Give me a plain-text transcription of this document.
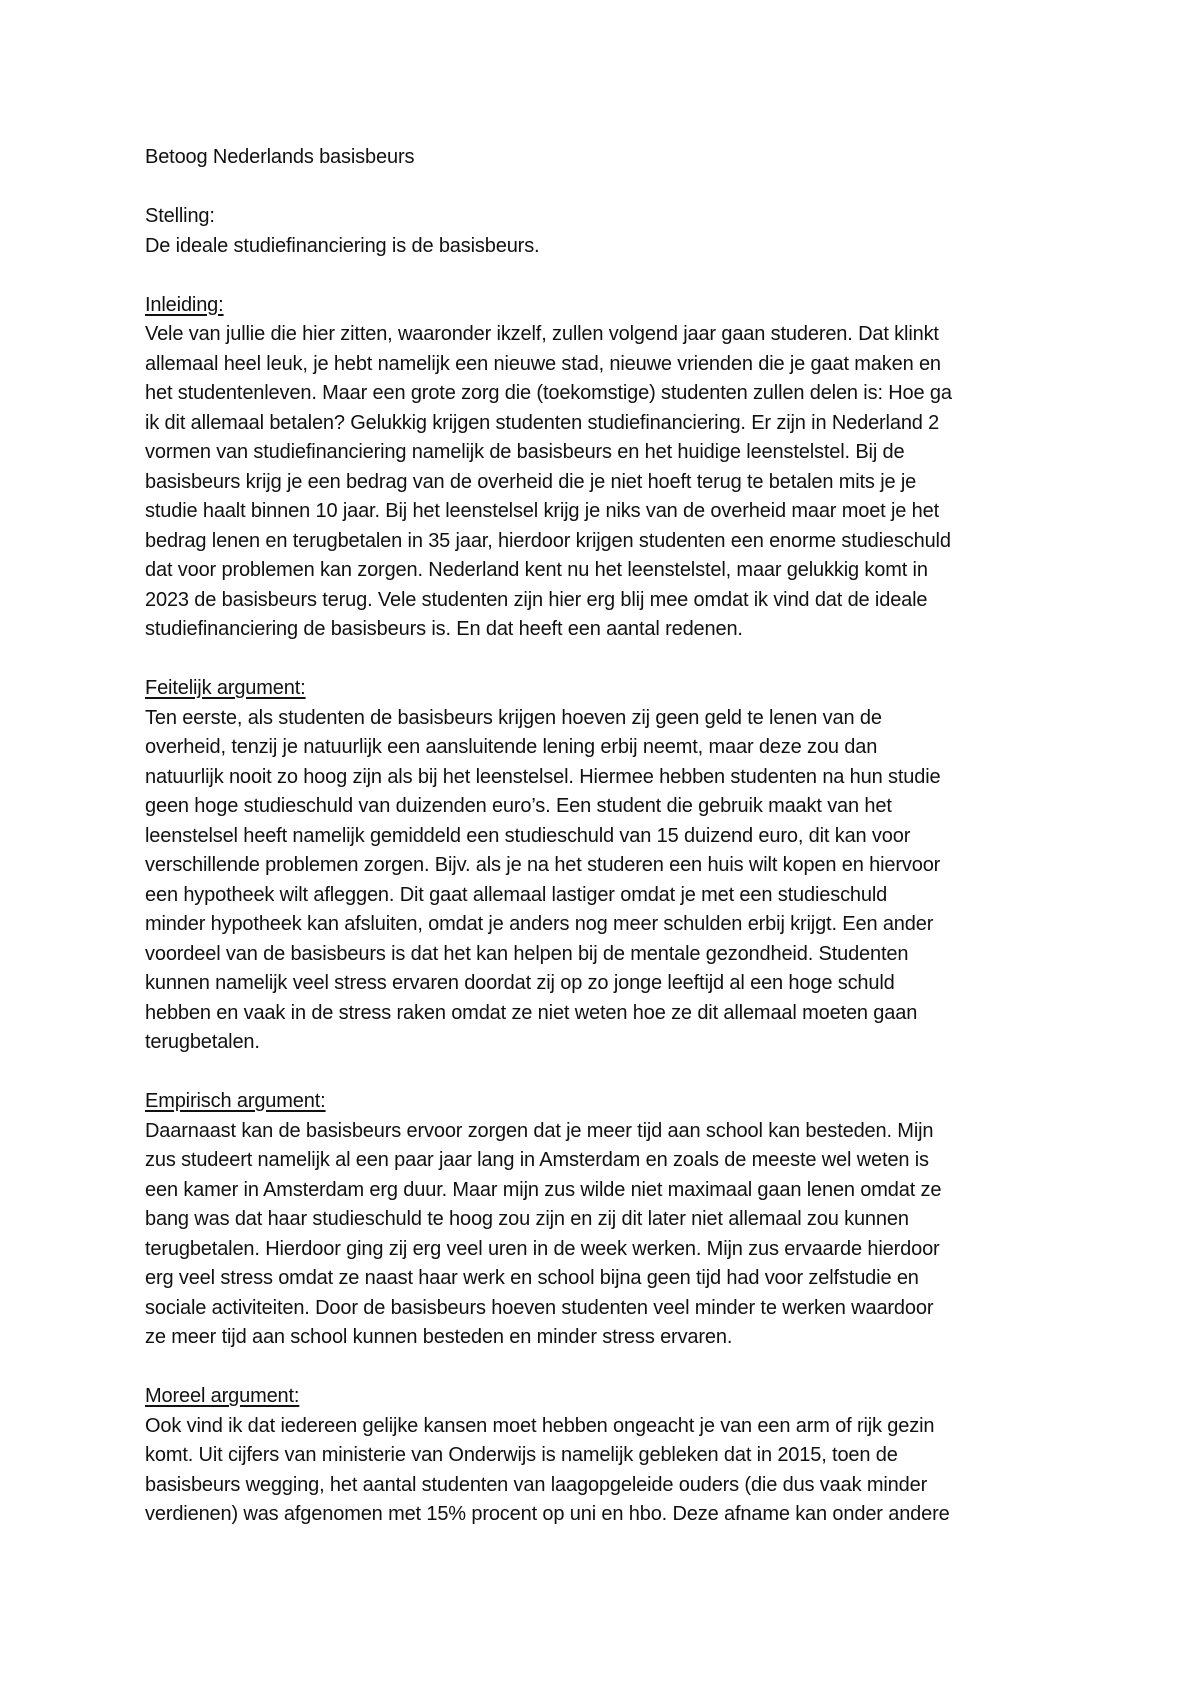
Betoog Nederlands basisbeurs
Stelling:
De ideale studiefinanciering is de basisbeurs.
Inleiding:
Vele van jullie die hier zitten, waaronder ikzelf, zullen volgend jaar gaan studeren. Dat klinkt
allemaal heel leuk, je hebt namelijk een nieuwe stad, nieuwe vrienden die je gaat maken en
het studentenleven. Maar een grote zorg die (toekomstige) studenten zullen delen is: Hoe ga
ik dit allemaal betalen? Gelukkig krijgen studenten studiefinanciering. Er zijn in Nederland 2
vormen van studiefinanciering namelijk de basisbeurs en het huidige leenstelstel. Bij de
basisbeurs krijg je een bedrag van de overheid die je niet hoeft terug te betalen mits je je
studie haalt binnen 10 jaar. Bij het leenstelsel krijg je niks van de overheid maar moet je het
bedrag lenen en terugbetalen in 35 jaar, hierdoor krijgen studenten een enorme studieschuld
dat voor problemen kan zorgen. Nederland kent nu het leenstelstel, maar gelukkig komt in
2023 de basisbeurs terug. Vele studenten zijn hier erg blij mee omdat ik vind dat de ideale
studiefinanciering de basisbeurs is. En dat heeft een aantal redenen.
Feitelijk argument:
Ten eerste, als studenten de basisbeurs krijgen hoeven zij geen geld te lenen van de
overheid, tenzij je natuurlijk een aansluitende lening erbij neemt, maar deze zou dan
natuurlijk nooit zo hoog zijn als bij het leenstelsel. Hiermee hebben studenten na hun studie
geen hoge studieschuld van duizenden euro’s. Een student die gebruik maakt van het
leenstelsel heeft namelijk gemiddeld een studieschuld van 15 duizend euro, dit kan voor
verschillende problemen zorgen. Bijv. als je na het studeren een huis wilt kopen en hiervoor
een hypotheek wilt afleggen. Dit gaat allemaal lastiger omdat je met een studieschuld
minder hypotheek kan afsluiten, omdat je anders nog meer schulden erbij krijgt. Een ander
voordeel van de basisbeurs is dat het kan helpen bij de mentale gezondheid. Studenten
kunnen namelijk veel stress ervaren doordat zij op zo jonge leeftijd al een hoge schuld
hebben en vaak in de stress raken omdat ze niet weten hoe ze dit allemaal moeten gaan
terugbetalen.
Empirisch argument:
Daarnaast kan de basisbeurs ervoor zorgen dat je meer tijd aan school kan besteden. Mijn
zus studeert namelijk al een paar jaar lang in Amsterdam en zoals de meeste wel weten is
een kamer in Amsterdam erg duur. Maar mijn zus wilde niet maximaal gaan lenen omdat ze
bang was dat haar studieschuld te hoog zou zijn en zij dit later niet allemaal zou kunnen
terugbetalen. Hierdoor ging zij erg veel uren in de week werken. Mijn zus ervaarde hierdoor
erg veel stress omdat ze naast haar werk en school bijna geen tijd had voor zelfstudie en
sociale activiteiten. Door de basisbeurs hoeven studenten veel minder te werken waardoor
ze meer tijd aan school kunnen besteden en minder stress ervaren.
Moreel argument:
Ook vind ik dat iedereen gelijke kansen moet hebben ongeacht je van een arm of rijk gezin
komt. Uit cijfers van ministerie van Onderwijs is namelijk gebleken dat in 2015, toen de
basisbeurs wegging, het aantal studenten van laagopgeleide ouders (die dus vaak minder
verdienen) was afgenomen met 15% procent op uni en hbo. Deze afname kan onder andere
